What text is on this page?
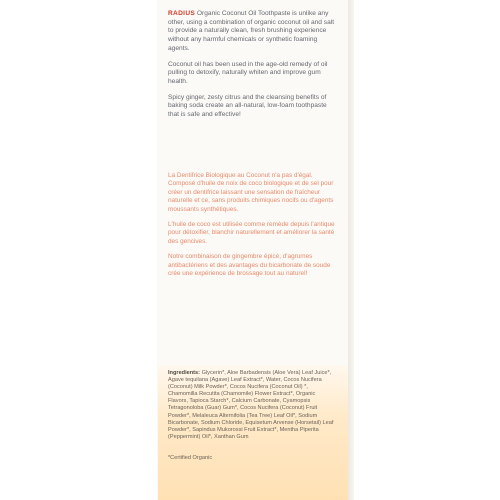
RADIUS Organic Coconut Oil Toothpaste is unlike any other, using a combination of organic coconut oil and salt to provide a naturally clean, fresh brushing experience without any harmful chemicals or synthetic foaming agents.

Coconut oil has been used in the age-old remedy of oil pulling to detoxify, naturally whiten and improve gum health.

Spicy ginger, zesty citrus and the cleansing benefits of baking soda create an all-natural, low-foam toothpaste that is safe and effective!

La Dentifrice Biologique au Coconut n'a pas d'égal. Composé d'huile de noix de coco biologique et de sel pour créer un dentifrice laissant une sensation de fraîcheur naturelle et ce, sans produits chimiques nocifs ou d'agents moussants synthétiques.

L'huile de coco est utilisée comme remède depuis l'antique pour détoxifier, blanchir naturellement et améliorer la santé des gencives.

Notre combinaison de gingembre épicé, d'agrumes antibactériens et des avantages du bicarbonate de soude crée une expérience de brossage tout au naturel!

Ingredients: Glycerin*, Aloe Barbadensis (Aloe Vera) Leaf Juice*, Agave tequilana (Agave) Leaf Extract*, Water, Cocos Nucifera (Coconut) Milk Powder*, Cocos Nucifera (Coconut Oil) *, Chamomilla Recutita (Chamomile) Flower Extract*, Organic Flavors, Tapioca Starch*, Calcium Carbonate, Cyamopsis Tetragonoloba (Guar) Gum*, Cocos Nucifera (Coconut) Fruit Powder*, Melaleuca Alternifolia (Tea Tree) Leaf Oil*, Sodium Bicarbonate, Sodium Chloride, Equisetum Arvense (Horsetail) Leaf Powder*, Sapindus Mukorossi Fruit Extract*, Mentha Piperita (Peppermint) Oil*, Xanthan Gum
*Certified Organic
